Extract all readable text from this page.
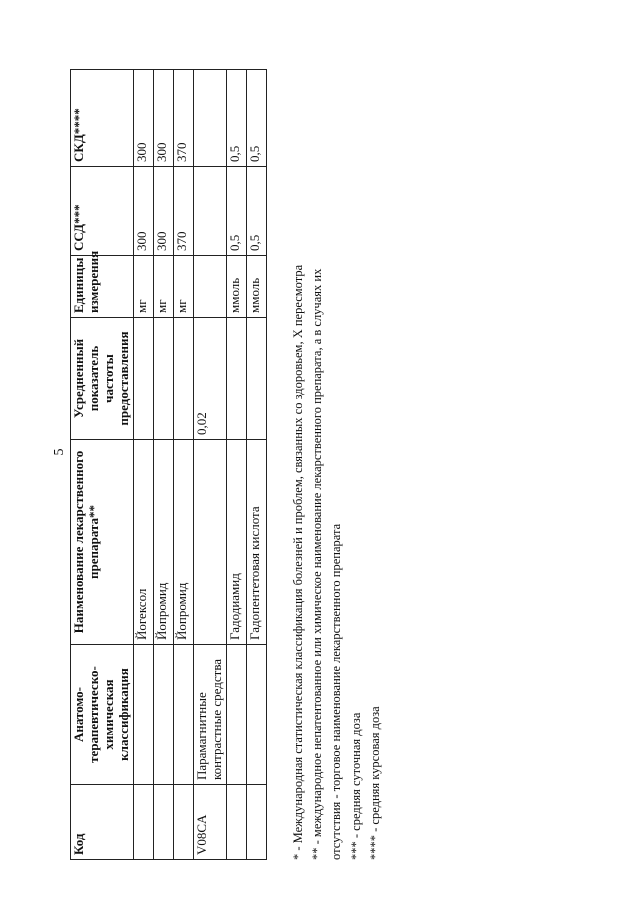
5
Код	Анатомо-терапевтическо-химическая классификация	Наименование лекарственного препарата**	Усредненный показатель частоты предоставления	Единицы измерения	ССД***	СКД****
		Йогексол		мг	300	300
		Йопромид		мг	300	300
		Йопромид		мг	370	370
V08CA	Парамагнитные контрастные средства		0,02			
		Гадодиамид		ммоль	0,5	0,5
		Гадопентетовая кислота		ммоль	0,5	0,5
* - Международная статистическая классификация болезней и проблем, связанных со здоровьем, X пересмотра ** - международное непатентованное или химическое наименование лекарственного препарата, а в случаях их отсутствия - торговое наименование лекарственного препарата *** - средняя суточная доза **** - средняя курсовая доза
